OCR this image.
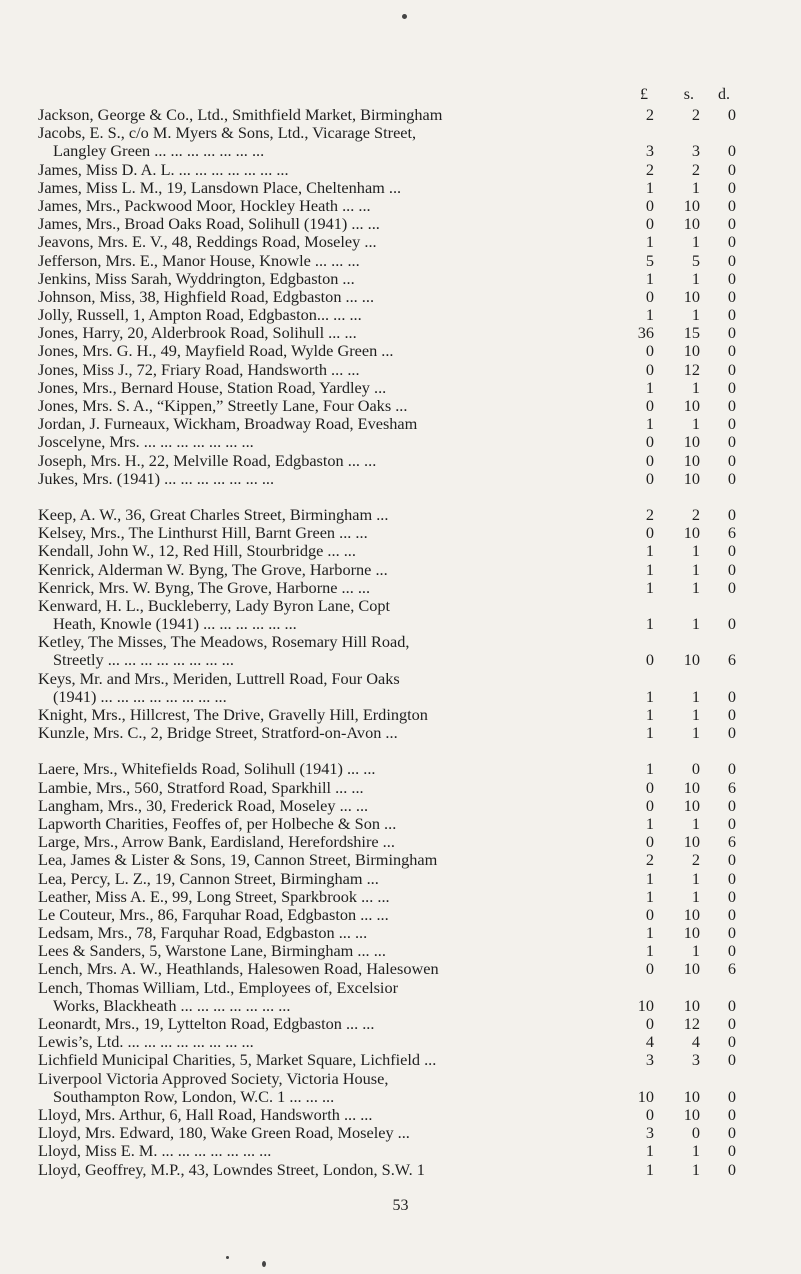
£	s.	d.
Jackson, George & Co., Ltd., Smithfield Market, Birmingham	2	2	0
Jacobs, E. S., c/o M. Myers & Sons, Ltd., Vicarage Street,
Langley Green ... ... ... ... ... ... ...	3	3	0
James, Miss D. A. L. ... ... ... ... ... ... ...	2	2	0
James, Miss L. M., 19, Lansdown Place, Cheltenham ...	1	1	0
James, Mrs., Packwood Moor, Hockley Heath ... ...	0	10	0
James, Mrs., Broad Oaks Road, Solihull (1941) ... ...	0	10	0
Jeavons, Mrs. E. V., 48, Reddings Road, Moseley ...	1	1	0
Jefferson, Mrs. E., Manor House, Knowle ... ... ...	5	5	0
Jenkins, Miss Sarah, Wyddrington, Edgbaston ...	1	1	0
Johnson, Miss, 38, Highfield Road, Edgbaston ... ...	0	10	0
Jolly, Russell, 1, Ampton Road, Edgbaston... ... ...	1	1	0
Jones, Harry, 20, Alderbrook Road, Solihull ... ...	36	15	0
Jones, Mrs. G. H., 49, Mayfield Road, Wylde Green ...	0	10	0
Jones, Miss J., 72, Friary Road, Handsworth ... ...	0	12	0
Jones, Mrs., Bernard House, Station Road, Yardley ...	1	1	0
Jones, Mrs. S. A., “Kippen,” Streetly Lane, Four Oaks ...	0	10	0
Jordan, J. Furneaux, Wickham, Broadway Road, Evesham	1	1	0
Joscelyne, Mrs. ... ... ... ... ... ... ...	0	10	0
Joseph, Mrs. H., 22, Melville Road, Edgbaston ... ...	0	10	0
Jukes, Mrs. (1941) ... ... ... ... ... ... ...	0	10	0
Keep, A. W., 36, Great Charles Street, Birmingham ...	2	2	0
Kelsey, Mrs., The Linthurst Hill, Barnt Green ... ...	0	10	6
Kendall, John W., 12, Red Hill, Stourbridge ... ...	1	1	0
Kenrick, Alderman W. Byng, The Grove, Harborne ...	1	1	0
Kenrick, Mrs. W. Byng, The Grove, Harborne ... ...	1	1	0
Kenward, H. L., Buckleberry, Lady Byron Lane, Copt
Heath, Knowle (1941) ... ... ... ... ... ...	1	1	0
Ketley, The Misses, The Meadows, Rosemary Hill Road,
Streetly ... ... ... ... ... ... ... ...	0	10	6
Keys, Mr. and Mrs., Meriden, Luttrell Road, Four Oaks
(1941) ... ... ... ... ... ... ... ...	1	1	0
Knight, Mrs., Hillcrest, The Drive, Gravelly Hill, Erdington	1	1	0
Kunzle, Mrs. C., 2, Bridge Street, Stratford-on-Avon ...	1	1	0
Laere, Mrs., Whitefields Road, Solihull (1941) ... ...	1	0	0
Lambie, Mrs., 560, Stratford Road, Sparkhill ... ...	0	10	6
Langham, Mrs., 30, Frederick Road, Moseley ... ...	0	10	0
Lapworth Charities, Feoffes of, per Holbeche & Son ...	1	1	0
Large, Mrs., Arrow Bank, Eardisland, Herefordshire ...	0	10	6
Lea, James & Lister & Sons, 19, Cannon Street, Birmingham	2	2	0
Lea, Percy, L. Z., 19, Cannon Street, Birmingham ...	1	1	0
Leather, Miss A. E., 99, Long Street, Sparkbrook ... ...	1	1	0
Le Couteur, Mrs., 86, Farquhar Road, Edgbaston ... ...	0	10	0
Ledsam, Mrs., 78, Farquhar Road, Edgbaston ... ...	1	10	0
Lees & Sanders, 5, Warstone Lane, Birmingham ... ...	1	1	0
Lench, Mrs. A. W., Heathlands, Halesowen Road, Halesowen	0	10	6
Lench, Thomas William, Ltd., Employees of, Excelsior
Works, Blackheath ... ... ... ... ... ... ...	10	10	0
Leonardt, Mrs., 19, Lyttelton Road, Edgbaston ... ...	0	12	0
Lewis’s, Ltd. ... ... ... ... ... ... ... ...	4	4	0
Lichfield Municipal Charities, 5, Market Square, Lichfield ...	3	3	0
Liverpool Victoria Approved Society, Victoria House,
Southampton Row, London, W.C. 1 ... ... ...	10	10	0
Lloyd, Mrs. Arthur, 6, Hall Road, Handsworth ... ...	0	10	0
Lloyd, Mrs. Edward, 180, Wake Green Road, Moseley ...	3	0	0
Lloyd, Miss E. M. ... ... ... ... ... ... ...	1	1	0
Lloyd, Geoffrey, M.P., 43, Lowndes Street, London, S.W. 1	1	1	0
53
